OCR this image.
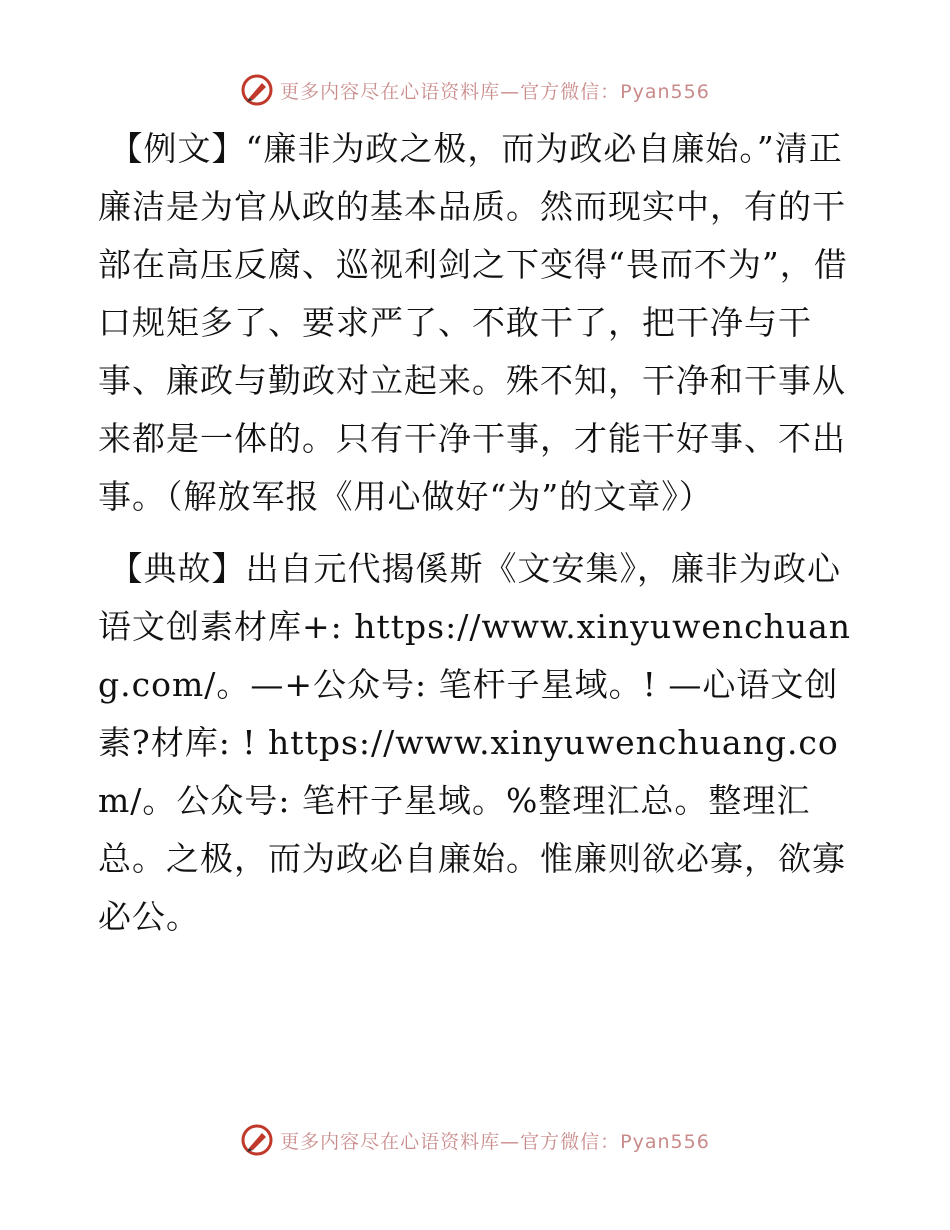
更多内容尽在心语资料库—官方微信：Pyan556

【例文】“廉非为政之极，而为政必自廉始。”清正廉洁是为官从政的基本品质。然而现实中，有的干部在高压反腐、巡视利剑之下变得“畏而不为”，借口规矩多了、要求严了、不敢干了，把干净与干事、廉政与勤政对立起来。殊不知，干净和干事从来都是一体的。只有干净干事，才能干好事、不出事。（解放军报《用心做好“为”的文章》）

【典故】出自元代揭傒斯《文安集》，廉非为政心语文创素材库+: https://www.xinyuwenchuang.com/。—+公众号: 笔杆子星域。! —心语文创素?材库: ! https://www.xinyuwenchuang.com/。公众号: 笔杆子星域。%整理汇总。整理汇总。之极，而为政必自廉始。惟廉则欲必寡，欲寡必公。

更多内容尽在心语资料库—官方微信：Pyan556
